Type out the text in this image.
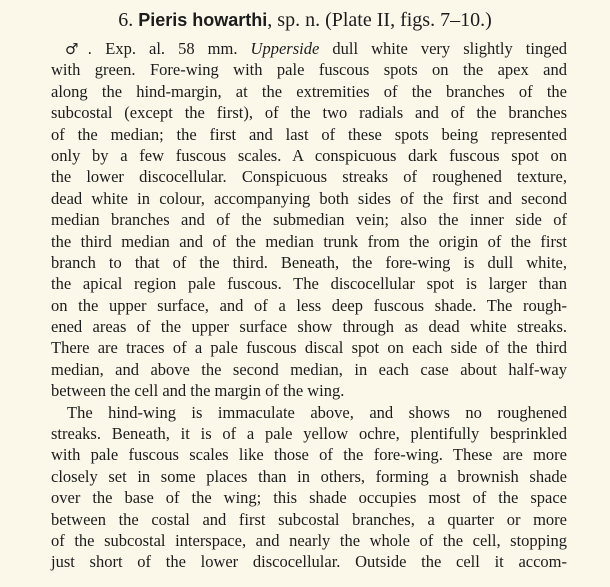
6. Pieris howarthi, sp. n. (Plate II, figs. 7–10.)
♂. Exp. al. 58 mm. Upperside dull white very slightly tinged
with green. Fore-wing with pale fuscous spots on the apex and
along the hind-margin, at the extremities of the branches of the
subcostal (except the first), of the two radials and of the branches
of the median; the first and last of these spots being represented
only by a few fuscous scales. A conspicuous dark fuscous spot on
the lower discocellular. Conspicuous streaks of roughened texture,
dead white in colour, accompanying both sides of the first and second
median branches and of the submedian vein; also the inner side of
the third median and of the median trunk from the origin of the first
branch to that of the third. Beneath, the fore-wing is dull white,
the apical region pale fuscous. The discocellular spot is larger than
on the upper surface, and of a less deep fuscous shade. The rough-
ened areas of the upper surface show through as dead white streaks.
There are traces of a pale fuscous discal spot on each side of the third
median, and above the second median, in each case about half-way
between the cell and the margin of the wing.
The hind-wing is immaculate above, and shows no roughened
streaks. Beneath, it is of a pale yellow ochre, plentifully besprinkled
with pale fuscous scales like those of the fore-wing. These are more
closely set in some places than in others, forming a brownish shade
over the base of the wing; this shade occupies most of the space
between the costal and first subcostal branches, a quarter or more
of the subcostal interspace, and nearly the whole of the cell, stopping
just short of the lower discocellular. Outside the cell it accom-
